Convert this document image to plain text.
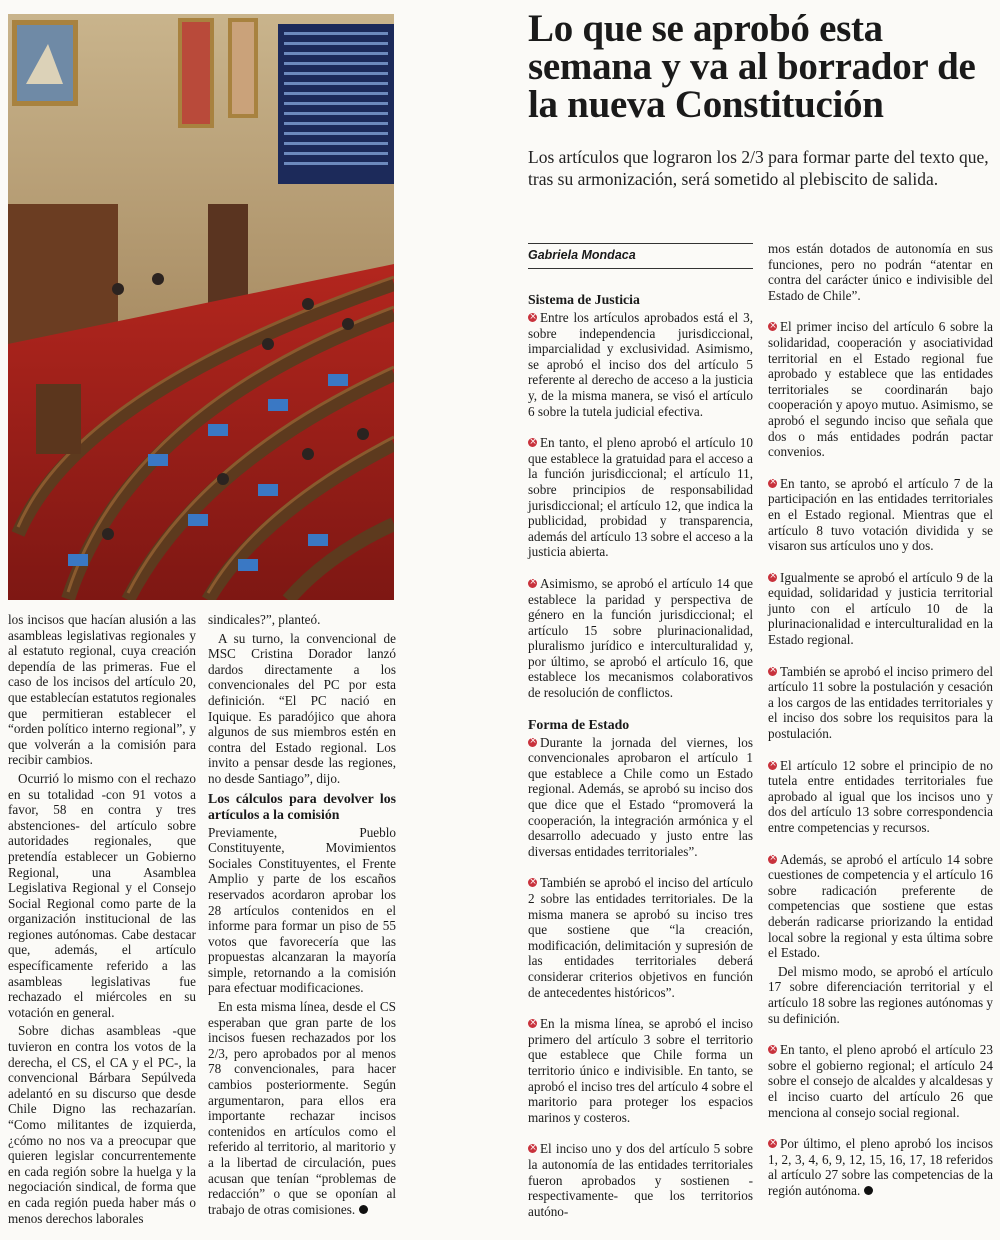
Lo que se aprobó esta semana y va al borrador de la nueva Constitución

Los artículos que lograron los 2/3 para formar parte del texto que, tras su armonización, será sometido al plebiscito de salida.

Gabriela Mondaca

los incisos que hacían alusión a las asambleas legislativas regionales y al estatuto regional, cuya creación dependía de las primeras. Fue el caso de los incisos del artículo 20, que establecían estatutos regionales que permitieran establecer el “orden político interno regional”, y que volverán a la comisión para recibir cambios.

Ocurrió lo mismo con el rechazo en su totalidad -con 91 votos a favor, 58 en contra y tres abstenciones- del artículo sobre autoridades regionales, que pretendía establecer un Gobierno Regional, una Asamblea Legislativa Regional y el Consejo Social Regional como parte de la organización institucional de las regiones autónomas. Cabe destacar que, además, el artículo específicamente referido a las asambleas legislativas fue rechazado el miércoles en su votación en general.

Sobre dichas asambleas -que tuvieron en contra los votos de la derecha, el CS, el CA y el PC-, la convencional Bárbara Sepúlveda adelantó en su discurso que desde Chile Digno las rechazarían. “Como militantes de izquierda, ¿cómo no nos va a preocupar que quieren legislar concurrentemente en cada región sobre la huelga y la negociación sindical, de forma que en cada región pueda haber más o menos derechos laborales

sindicales?”, planteó.

A su turno, la convencional de MSC Cristina Dorador lanzó dardos directamente a los convencionales del PC por esta definición. “El PC nació en Iquique. Es paradójico que ahora algunos de sus miembros estén en contra del Estado regional. Los invito a pensar desde las regiones, no desde Santiago”, dijo.

Los cálculos para devolver los artículos a la comisión

Previamente, Pueblo Constituyente, Movimientos Sociales Constituyentes, el Frente Amplio y parte de los escaños reservados acordaron aprobar los 28 artículos contenidos en el informe para formar un piso de 55 votos que favorecería que las propuestas alcanzaran la mayoría simple, retornando a la comisión para efectuar modificaciones.

En esta misma línea, desde el CS esperaban que gran parte de los incisos fuesen rechazados por los 2/3, pero aprobados por al menos 78 convencionales, para hacer cambios posteriormente. Según argumentaron, para ellos era importante rechazar incisos contenidos en artículos como el referido al territorio, al maritorio y a la libertad de circulación, pues acusan que tenían “problemas de redacción” o que se oponían al trabajo de otras comisiones.

Sistema de Justicia

×Entre los artículos aprobados está el 3, sobre independencia jurisdiccional, imparcialidad y exclusividad. Asimismo, se aprobó el inciso dos del artículo 5 referente al derecho de acceso a la justicia y, de la misma manera, se visó el artículo 6 sobre la tutela judicial efectiva.

×En tanto, el pleno aprobó el artículo 10 que establece la gratuidad para el acceso a la función jurisdiccional; el artículo 11, sobre principios de responsabilidad jurisdiccional; el artículo 12, que indica la publicidad, probidad y transparencia, además del artículo 13 sobre el acceso a la justicia abierta.

×Asimismo, se aprobó el artículo 14 que establece la paridad y perspectiva de género en la función jurisdiccional; el artículo 15 sobre plurinacionalidad, pluralismo jurídico e interculturalidad y, por último, se aprobó el artículo 16, que establece los mecanismos colaborativos de resolución de conflictos.

Forma de Estado

×Durante la jornada del viernes, los convencionales aprobaron el artículo 1 que establece a Chile como un Estado regional. Además, se aprobó su inciso dos que dice que el Estado “promoverá la cooperación, la integración armónica y el desarrollo adecuado y justo entre las diversas entidades territoriales”.

×También se aprobó el inciso del artículo 2 sobre las entidades territoriales. De la misma manera se aprobó su inciso tres que sostiene que “la creación, modificación, delimitación y supresión de las entidades territoriales deberá considerar criterios objetivos en función de antecedentes históricos”.

×En la misma línea, se aprobó el inciso primero del artículo 3 sobre el territorio que establece que Chile forma un territorio único e indivisible. En tanto, se aprobó el inciso tres del artículo 4 sobre el maritorio para proteger los espacios marinos y costeros.

×El inciso uno y dos del artículo 5 sobre la autonomía de las entidades territoriales fueron aprobados y sostienen -respectivamente- que los territorios autóno-

mos están dotados de autonomía en sus funciones, pero no podrán “atentar en contra del carácter único e indivisible del Estado de Chile”.

×El primer inciso del artículo 6 sobre la solidaridad, cooperación y asociatividad territorial en el Estado regional fue aprobado y establece que las entidades territoriales se coordinarán bajo cooperación y apoyo mutuo. Asimismo, se aprobó el segundo inciso que señala que dos o más entidades podrán pactar convenios.

×En tanto, se aprobó el artículo 7 de la participación en las entidades territoriales en el Estado regional. Mientras que el artículo 8 tuvo votación dividida y se visaron sus artículos uno y dos.

×Igualmente se aprobó el artículo 9 de la equidad, solidaridad y justicia territorial junto con el artículo 10 de la plurinacionalidad e interculturalidad en la Estado regional.

×También se aprobó el inciso primero del artículo 11 sobre la postulación y cesación a los cargos de las entidades territoriales y el inciso dos sobre los requisitos para la postulación.

×El artículo 12 sobre el principio de no tutela entre entidades territoriales fue aprobado al igual que los incisos uno y dos del artículo 13 sobre correspondencia entre competencias y recursos.

×Además, se aprobó el artículo 14 sobre cuestiones de competencia y el artículo 16 sobre radicación preferente de competencias que sostiene que estas deberán radicarse priorizando la entidad local sobre la regional y esta última sobre el Estado.

Del mismo modo, se aprobó el artículo 17 sobre diferenciación territorial y el artículo 18 sobre las regiones autónomas y su definición.

×En tanto, el pleno aprobó el artículo 23 sobre el gobierno regional; el artículo 24 sobre el consejo de alcaldes y alcaldesas y el inciso cuarto del artículo 26 que menciona al consejo social regional.

×Por último, el pleno aprobó los incisos 1, 2, 3, 4, 6, 9, 12, 15, 16, 17, 18 referidos al artículo 27 sobre las competencias de la región autónoma.
